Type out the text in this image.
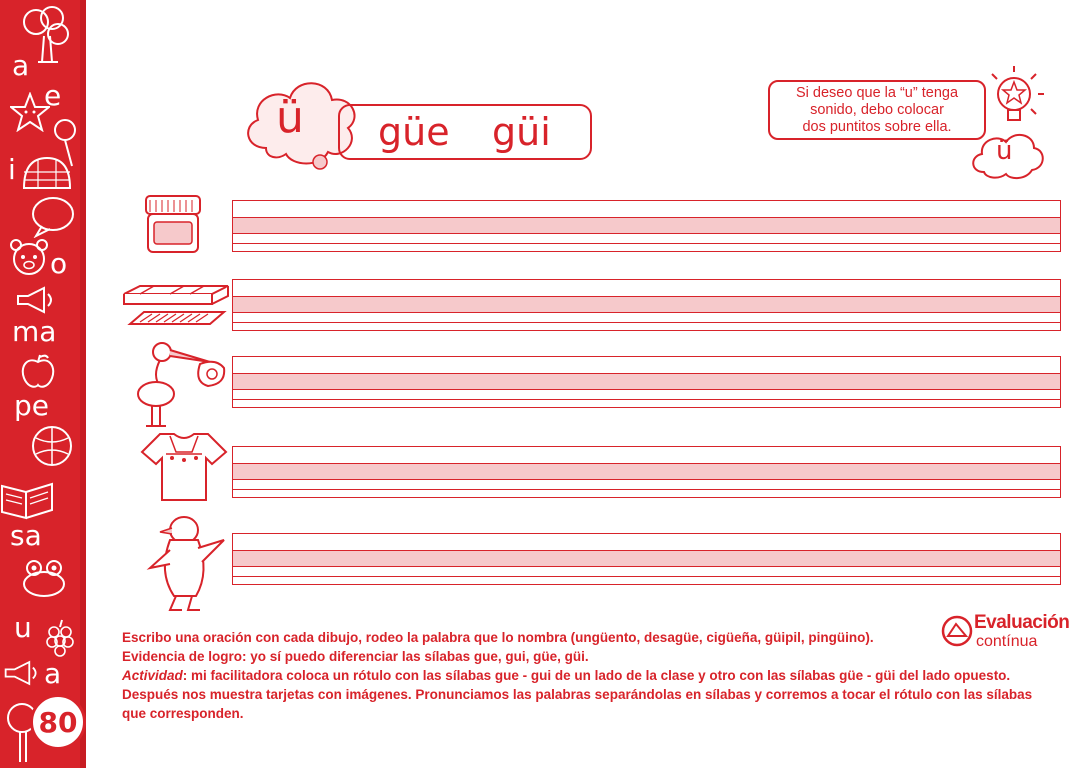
a
e
i
o
ma
pe
sa
u
a
80
ü güe güi
Si deseo que la “u” tenga
sonido, debo colocar
dos puntitos sobre ella.
ü
Evaluación
contínua

Escribo una oración con cada dibujo, rodeo la palabra que lo nombra (ungüento, desagüe, cigüeña, güipil, pingüino).

Evidencia de logro: yo sí puedo diferenciar las sílabas gue, gui, güe, güi.

Actividad: mi facilitadora coloca un rótulo con las sílabas gue - gui de un lado de la clase y otro con las sílabas güe - güi del lado opuesto. Después nos muestra tarjetas con imágenes. Pronunciamos las palabras separándolas en sílabas y corremos a tocar el rótulo con las sílabas que corresponden.
